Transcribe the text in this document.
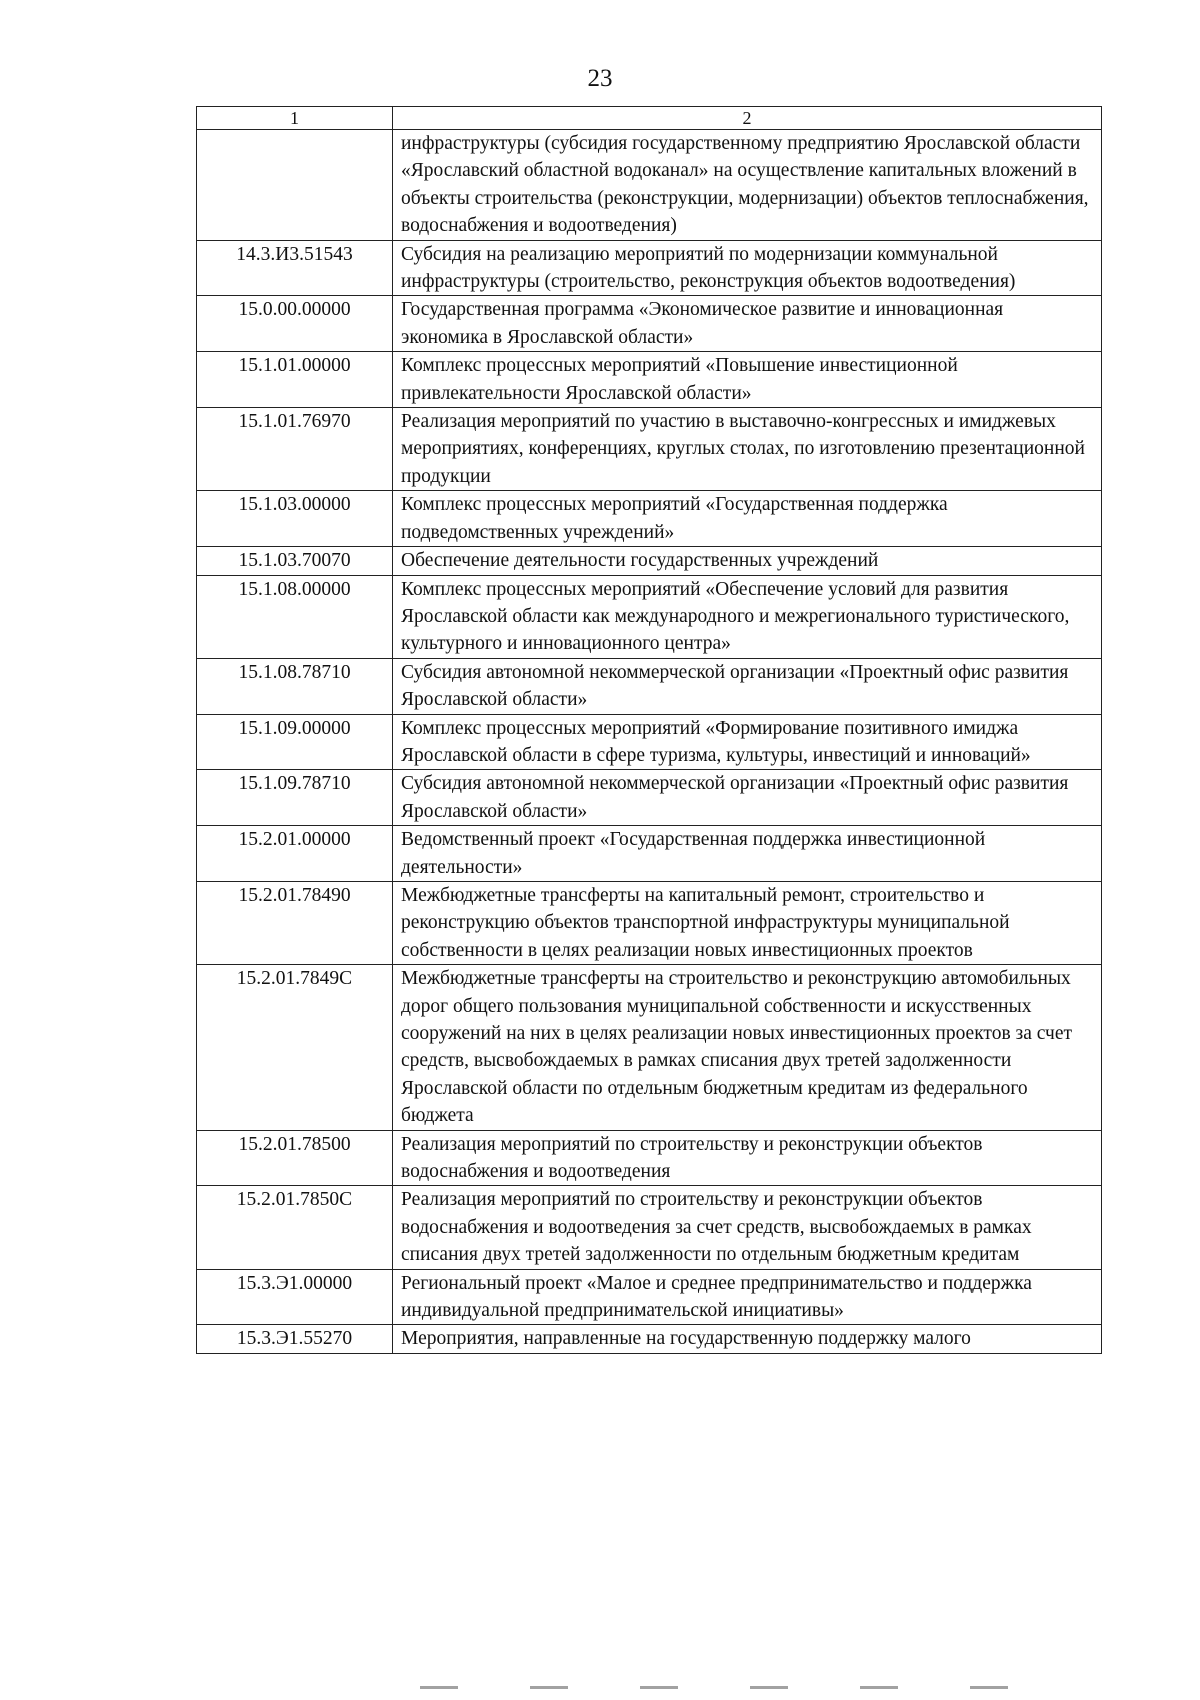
23
1	2
	инфраструктуры (субсидия государственному предприятию Ярославской области «Ярославский областной водоканал» на осуществление капитальных вложений в объекты строительства (реконструкции, модернизации) объектов теплоснабжения, водоснабжения и водоотведения)
14.3.И3.51543	Субсидия на реализацию мероприятий по модернизации коммунальной инфраструктуры (строительство, реконструкция объектов водоотведения)
15.0.00.00000	Государственная программа «Экономическое развитие и инновационная экономика в Ярославской области»
15.1.01.00000	Комплекс процессных мероприятий «Повышение инвестиционной привлекательности Ярославской области»
15.1.01.76970	Реализация мероприятий по участию в выставочно-конгрессных и имиджевых мероприятиях, конференциях, круглых столах, по изготовлению презентационной продукции
15.1.03.00000	Комплекс процессных мероприятий «Государственная поддержка подведомственных учреждений»
15.1.03.70070	Обеспечение деятельности государственных учреждений
15.1.08.00000	Комплекс процессных мероприятий «Обеспечение условий для развития Ярославской области как международного и межрегионального туристического, культурного и инновационного центра»
15.1.08.78710	Субсидия автономной некоммерческой организации «Проектный офис развития Ярославской области»
15.1.09.00000	Комплекс процессных мероприятий «Формирование позитивного имиджа Ярославской области в сфере туризма, культуры, инвестиций и инноваций»
15.1.09.78710	Субсидия автономной некоммерческой организации «Проектный офис развития Ярославской области»
15.2.01.00000	Ведомственный проект «Государственная поддержка инвестиционной деятельности»
15.2.01.78490	Межбюджетные трансферты на капитальный ремонт, строительство и реконструкцию объектов транспортной инфраструктуры муниципальной собственности в целях реализации новых инвестиционных проектов
15.2.01.7849С	Межбюджетные трансферты на строительство и реконструкцию автомобильных дорог общего пользования муниципальной собственности и искусственных сооружений на них в целях реализации новых инвестиционных проектов за счет средств, высвобождаемых в рамках списания двух третей задолженности Ярославской области по отдельным бюджетным кредитам из федерального бюджета
15.2.01.78500	Реализация мероприятий по строительству и реконструкции объектов водоснабжения и водоотведения
15.2.01.7850С	Реализация мероприятий по строительству и реконструкции объектов водоснабжения и водоотведения за счет средств, высвобождаемых в рамках списания двух третей задолженности по отдельным бюджетным кредитам
15.3.Э1.00000	Региональный проект «Малое и среднее предпринимательство и поддержка индивидуальной предпринимательской инициативы»
15.3.Э1.55270	Мероприятия, направленные на государственную поддержку малого
